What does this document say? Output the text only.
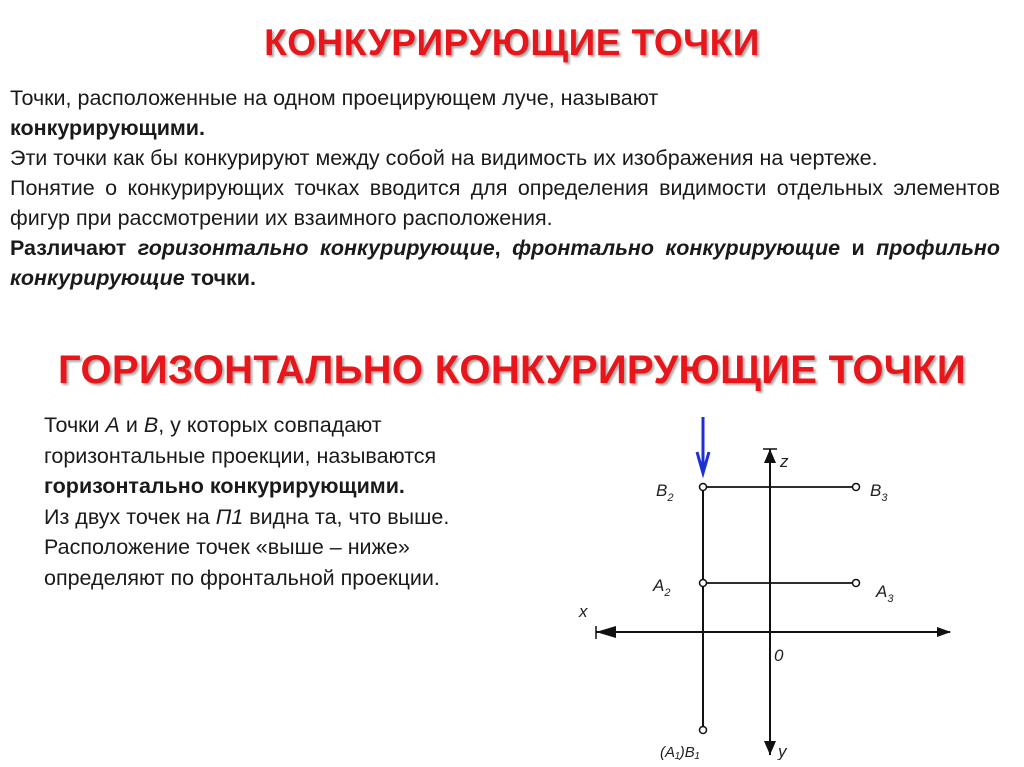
КОНКУРИРУЮЩИЕ ТОЧКИ

Точки, расположенные на одном проецирующем луче, называют
конкурирующими.

Эти точки как бы конкурируют между собой на видимость их изображения на чертеже.

Понятие о конкурирующих точках вводится для определения видимости отдельных элементов фигур при рассмотрении их взаимного расположения.

Различают горизонтально конкурирующие, фронтально конкурирующие и профильно конкурирующие точки.

ГОРИЗОНТАЛЬНО КОНКУРИРУЮЩИЕ ТОЧКИ

Точки А и В, у которых совпадают горизонтальные проекции, называются горизонтально конкурирующими.

Из двух точек на П1 видна та, что выше. Расположение точек «выше – ниже» определяют по фронтальной проекции.

z
x
0
y
$B_2$	$B_3$
$A_2$	$A_3$
(A₁)B₁
